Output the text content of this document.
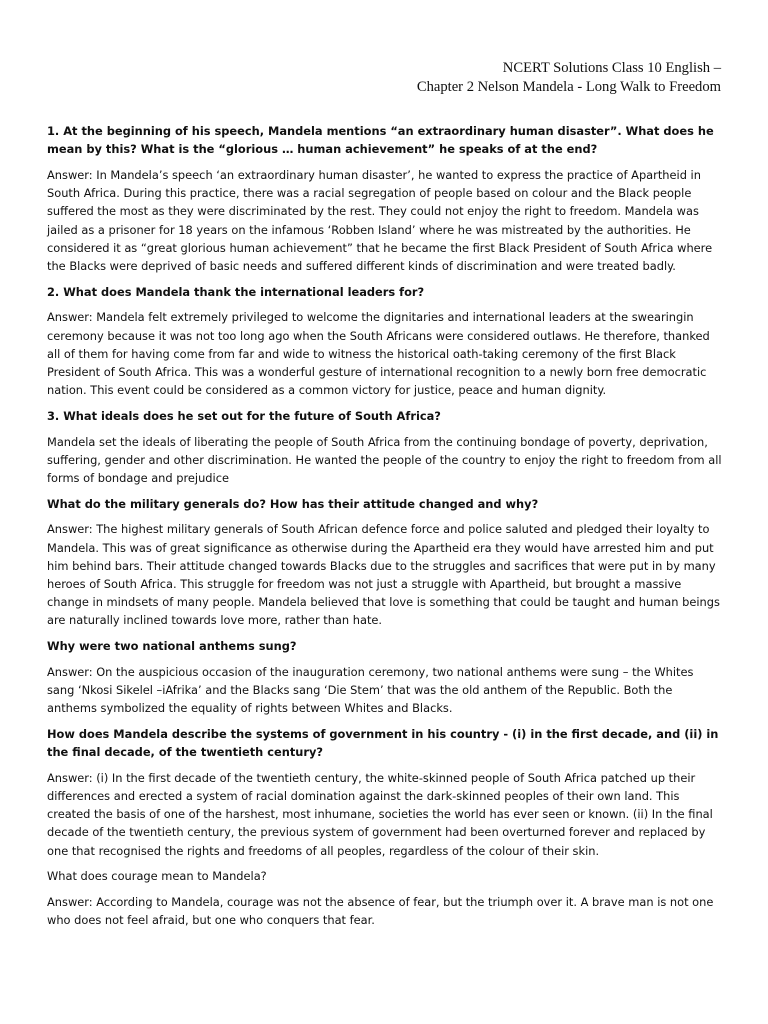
NCERT Solutions Class 10 English –
Chapter 2 Nelson Mandela - Long Walk to Freedom

1. At the beginning of his speech, Mandela mentions “an extraordinary human disaster”. What does he mean by this? What is the “glorious … human achievement” he speaks of at the end?

Answer: In Mandela’s speech ‘an extraordinary human disaster’, he wanted to express the practice of Apartheid in South Africa. During this practice, there was a racial segregation of people based on colour and the Black people suffered the most as they were discriminated by the rest. They could not enjoy the right to freedom. Mandela was jailed as a prisoner for 18 years on the infamous ‘Robben Island’ where he was mistreated by the authorities. He considered it as “great glorious human achievement” that he became the first Black President of South Africa where the Blacks were deprived of basic needs and suffered different kinds of discrimination and were treated badly.

2. What does Mandela thank the international leaders for?

Answer: Mandela felt extremely privileged to welcome the dignitaries and international leaders at the swearingin ceremony because it was not too long ago when the South Africans were considered outlaws. He therefore, thanked all of them for having come from far and wide to witness the historical oath-taking ceremony of the first Black President of South Africa. This was a wonderful gesture of international recognition to a newly born free democratic nation. This event could be considered as a common victory for justice, peace and human dignity.

3. What ideals does he set out for the future of South Africa?

Mandela set the ideals of liberating the people of South Africa from the continuing bondage of poverty, deprivation, suffering, gender and other discrimination. He wanted the people of the country to enjoy the right to freedom from all forms of bondage and prejudice

What do the military generals do? How has their attitude changed and why?

Answer: The highest military generals of South African defence force and police saluted and pledged their loyalty to Mandela. This was of great significance as otherwise during the Apartheid era they would have arrested him and put him behind bars. Their attitude changed towards Blacks due to the struggles and sacrifices that were put in by many heroes of South Africa. This struggle for freedom was not just a struggle with Apartheid, but brought a massive change in mindsets of many people. Mandela believed that love is something that could be taught and human beings are naturally inclined towards love more, rather than hate.

Why were two national anthems sung?

Answer: On the auspicious occasion of the inauguration ceremony, two national anthems were sung – the Whites sang ‘Nkosi Sikelel –iAfrika’ and the Blacks sang ‘Die Stem’ that was the old anthem of the Republic. Both the anthems symbolized the equality of rights between Whites and Blacks.

How does Mandela describe the systems of government in his country - (i) in the first decade, and (ii) in the final decade, of the twentieth century?

Answer: (i) In the first decade of the twentieth century, the white-skinned people of South Africa patched up their differences and erected a system of racial domination against the dark-skinned peoples of their own land. This created the basis of one of the harshest, most inhumane, societies the world has ever seen or known. (ii) In the final decade of the twentieth century, the previous system of government had been overturned forever and replaced by one that recognised the rights and freedoms of all peoples, regardless of the colour of their skin.

What does courage mean to Mandela?

Answer: According to Mandela, courage was not the absence of fear, but the triumph over it. A brave man is not one who does not feel afraid, but one who conquers that fear.
